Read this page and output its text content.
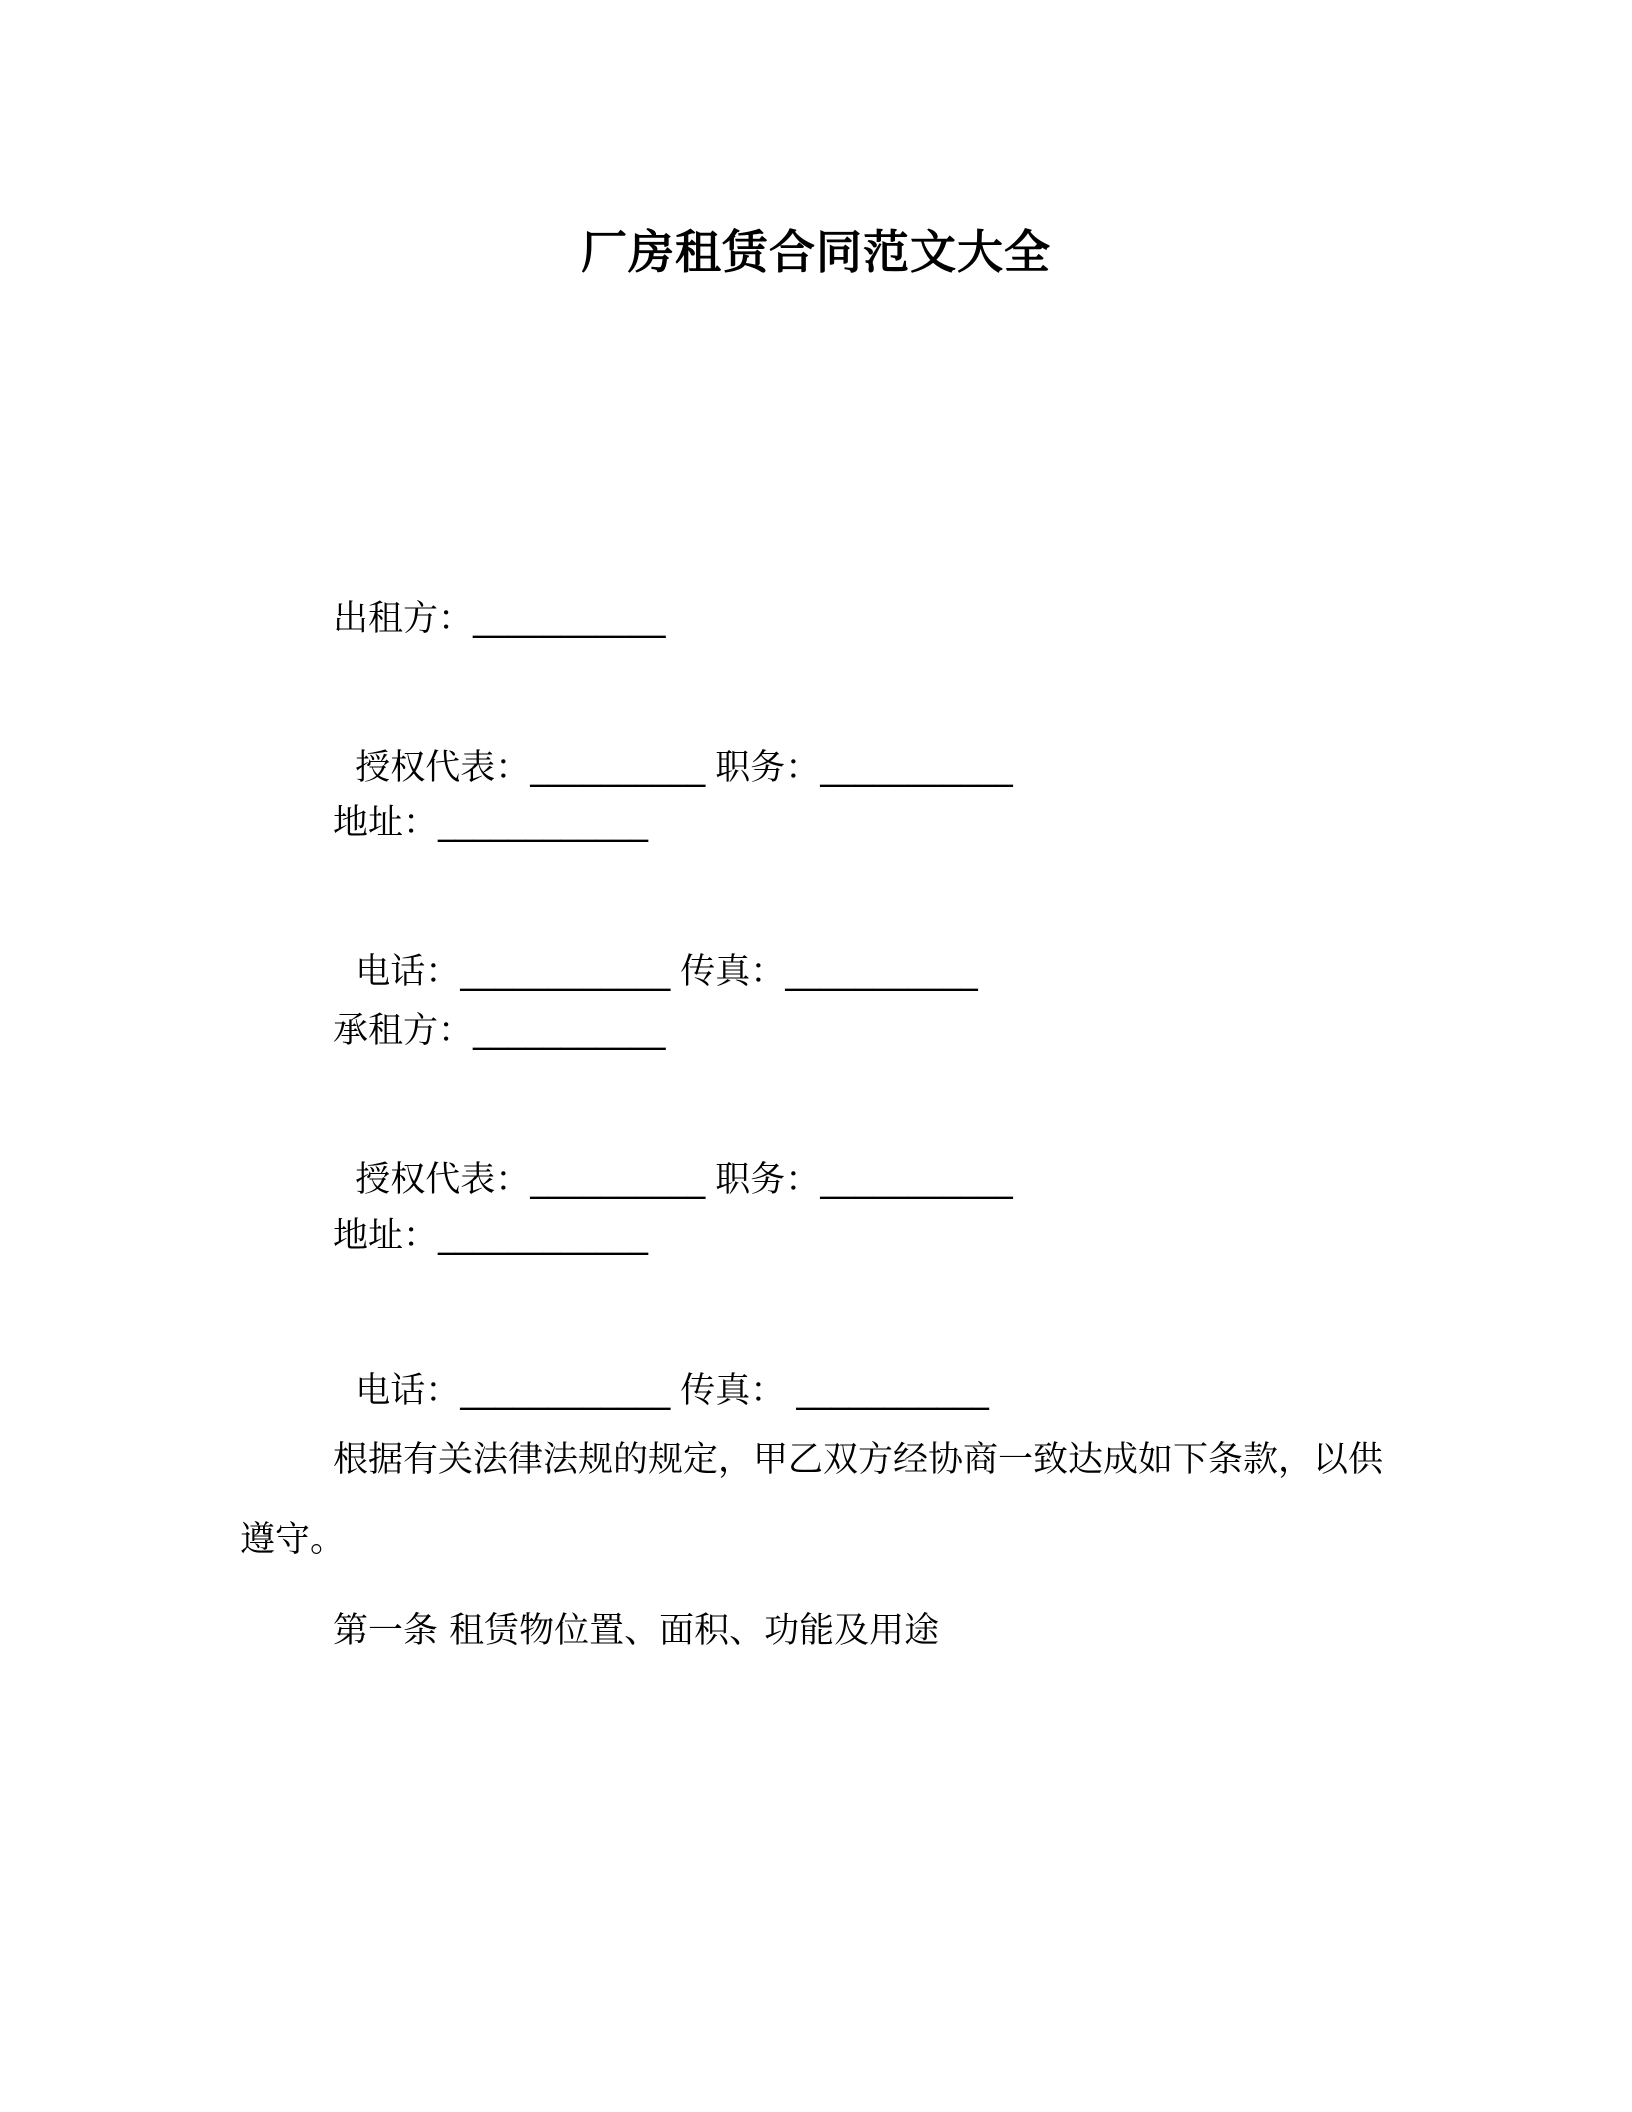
厂房租赁合同范文大全
出租方：___________

授权代表：__________ 职务：___________

地址：____________

电话：____________ 传真：___________

承租方：___________

授权代表：__________ 职务：___________

地址：____________

电话：____________ 传真： ___________

根据有关法律法规的规定，甲乙双方经协商一致达成如下条款，以供遵守。
第一条 租赁物位置、面积、功能及用途
